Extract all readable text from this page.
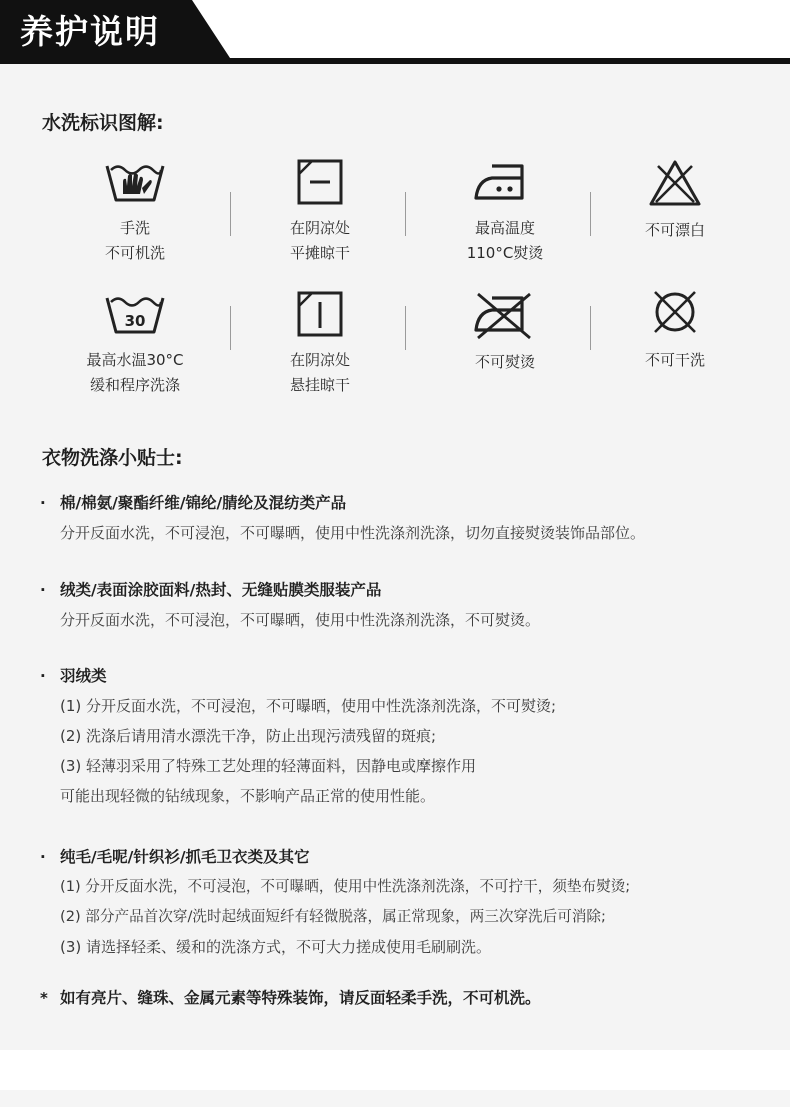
养护说明
水洗标识图解:
手洗
不可机洗
在阴凉处
平摊晾干
最高温度
110°C熨烫
不可漂白
30
最高水温30°C
缓和程序洗涤
在阴凉处
悬挂晾干
不可熨烫	不可干洗
衣物洗涤小贴士:
· 棉/棉氨/聚酯纤维/锦纶/腈纶及混纺类产品
分开反面水洗，不可浸泡，不可曝晒，使用中性洗涤剂洗涤，切勿直接熨烫装饰品部位。
· 绒类/表面涂胶面料/热封、无缝贴膜类服装产品
分开反面水洗，不可浸泡，不可曝晒，使用中性洗涤剂洗涤，不可熨烫。
· 羽绒类
(1) 分开反面水洗，不可浸泡，不可曝晒，使用中性洗涤剂洗涤，不可熨烫;
(2) 洗涤后请用清水漂洗干净，防止出现污渍残留的斑痕;
(3) 轻薄羽采用了特殊工艺处理的轻薄面料，因静电或摩擦作用
可能出现轻微的钻绒现象，不影响产品正常的使用性能。
· 纯毛/毛呢/针织衫/抓毛卫衣类及其它
(1) 分开反面水洗，不可浸泡，不可曝晒，使用中性洗涤剂洗涤，不可拧干，须垫布熨烫;
(2) 部分产品首次穿/洗时起绒面短纤有轻微脱落，属正常现象，两三次穿洗后可消除;
(3) 请选择轻柔、缓和的洗涤方式，不可大力搓成使用毛刷刷洗。
* 如有亮片、缝珠、金属元素等特殊装饰，请反面轻柔手洗，不可机洗。
